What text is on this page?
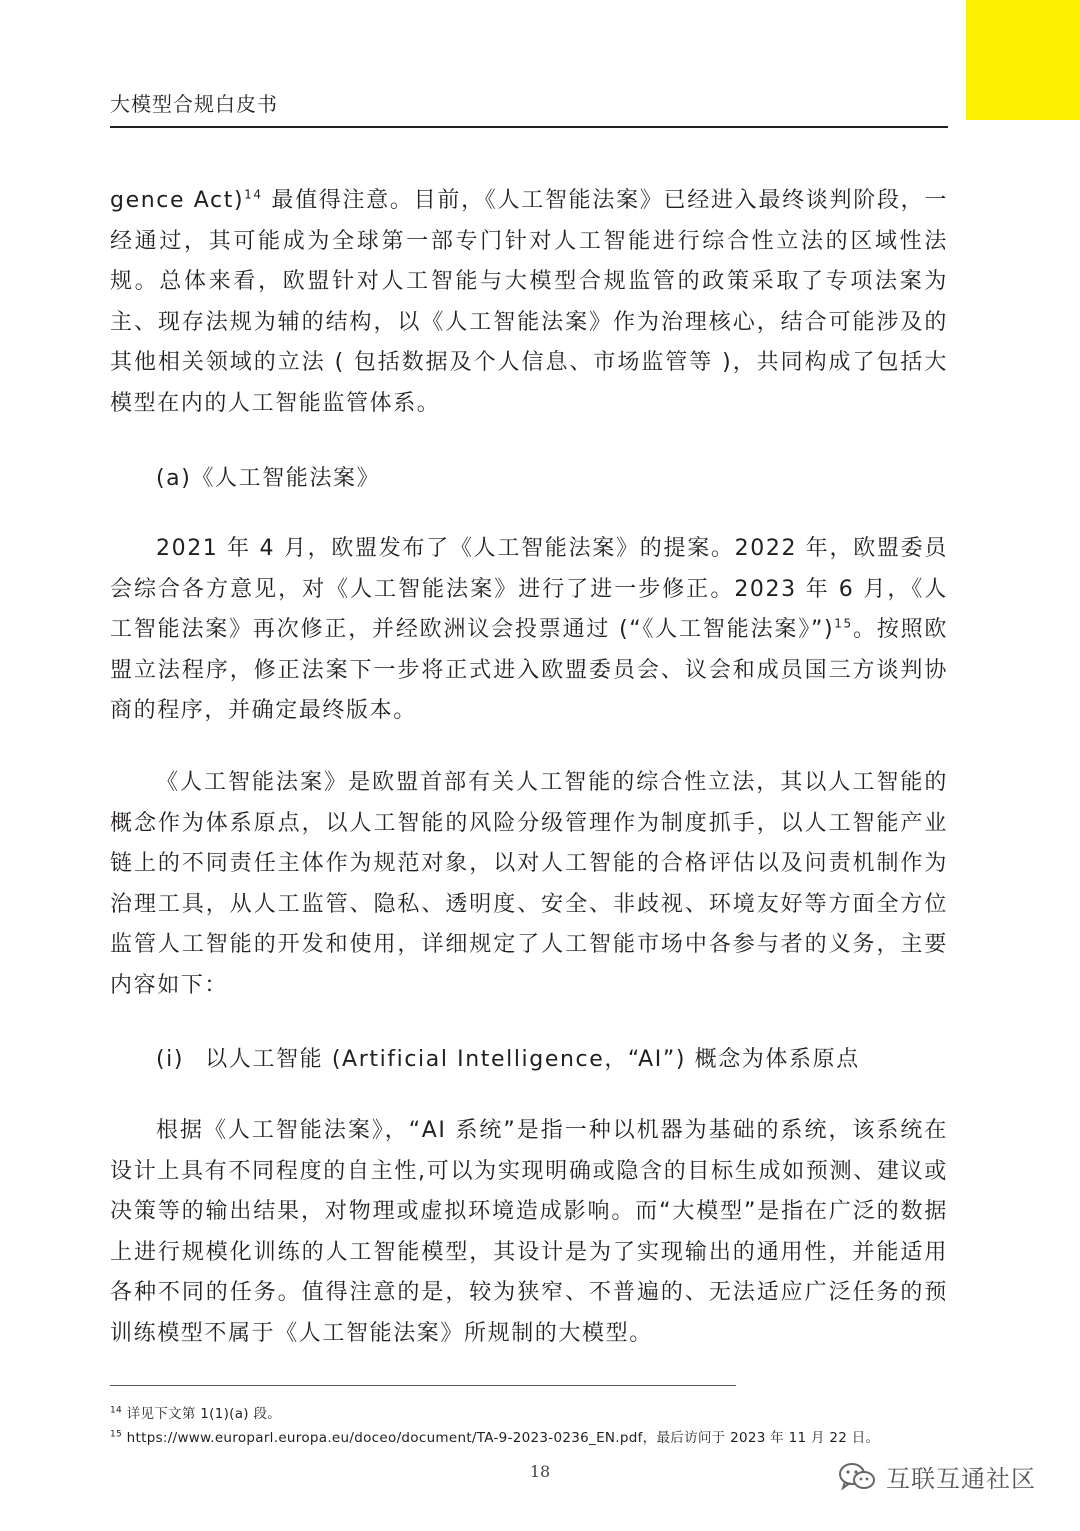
大模型合规白皮书

gence Act)$^{14}$ 最值得注意。目前，《人工智能法案》已经进入最终谈判阶段，一经通过，其可能成为全球第一部专门针对人工智能进行综合性立法的区域性法规。总体来看，欧盟针对人工智能与大模型合规监管的政策采取了专项法案为主、现存法规为辅的结构，以《人工智能法案》作为治理核心，结合可能涉及的其他相关领域的立法 ( 包括数据及个人信息、市场监管等 )，共同构成了包括大模型在内的人工智能监管体系。

(a)《人工智能法案》

2021 年 4 月，欧盟发布了《人工智能法案》的提案。2022 年，欧盟委员会综合各方意见，对《人工智能法案》进行了进一步修正。2023 年 6 月，《人工智能法案》再次修正，并经欧洲议会投票通过 (“《人工智能法案》”)$^{15}$。按照欧盟立法程序，修正法案下一步将正式进入欧盟委员会、议会和成员国三方谈判协商的程序，并确定最终版本。

《人工智能法案》是欧盟首部有关人工智能的综合性立法，其以人工智能的概念作为体系原点，以人工智能的风险分级管理作为制度抓手，以人工智能产业链上的不同责任主体作为规范对象，以对人工智能的合格评估以及问责机制作为治理工具，从人工监管、隐私、透明度、安全、非歧视、环境友好等方面全方位监管人工智能的开发和使用，详细规定了人工智能市场中各参与者的义务，主要内容如下：

(i)  以人工智能 (Artificial Intelligence，“AI”) 概念为体系原点

根据《人工智能法案》，“AI 系统”是指一种以机器为基础的系统，该系统在设计上具有不同程度的自主性,可以为实现明确或隐含的目标生成如预测、建议或决策等的输出结果，对物理或虚拟环境造成影响。而“大模型”是指在广泛的数据上进行规模化训练的人工智能模型，其设计是为了实现输出的通用性，并能适用各种不同的任务。值得注意的是，较为狭窄、不普遍的、无法适应广泛任务的预训练模型不属于《人工智能法案》所规制的大模型。

$^{14}$ 详见下文第 1(1)(a) 段。
$^{15}$ https://www.europarl.europa.eu/doceo/document/TA-9-2023-0236_EN.pdf，最后访问于 2023 年 11 月 22 日。
18	互联互通社区
